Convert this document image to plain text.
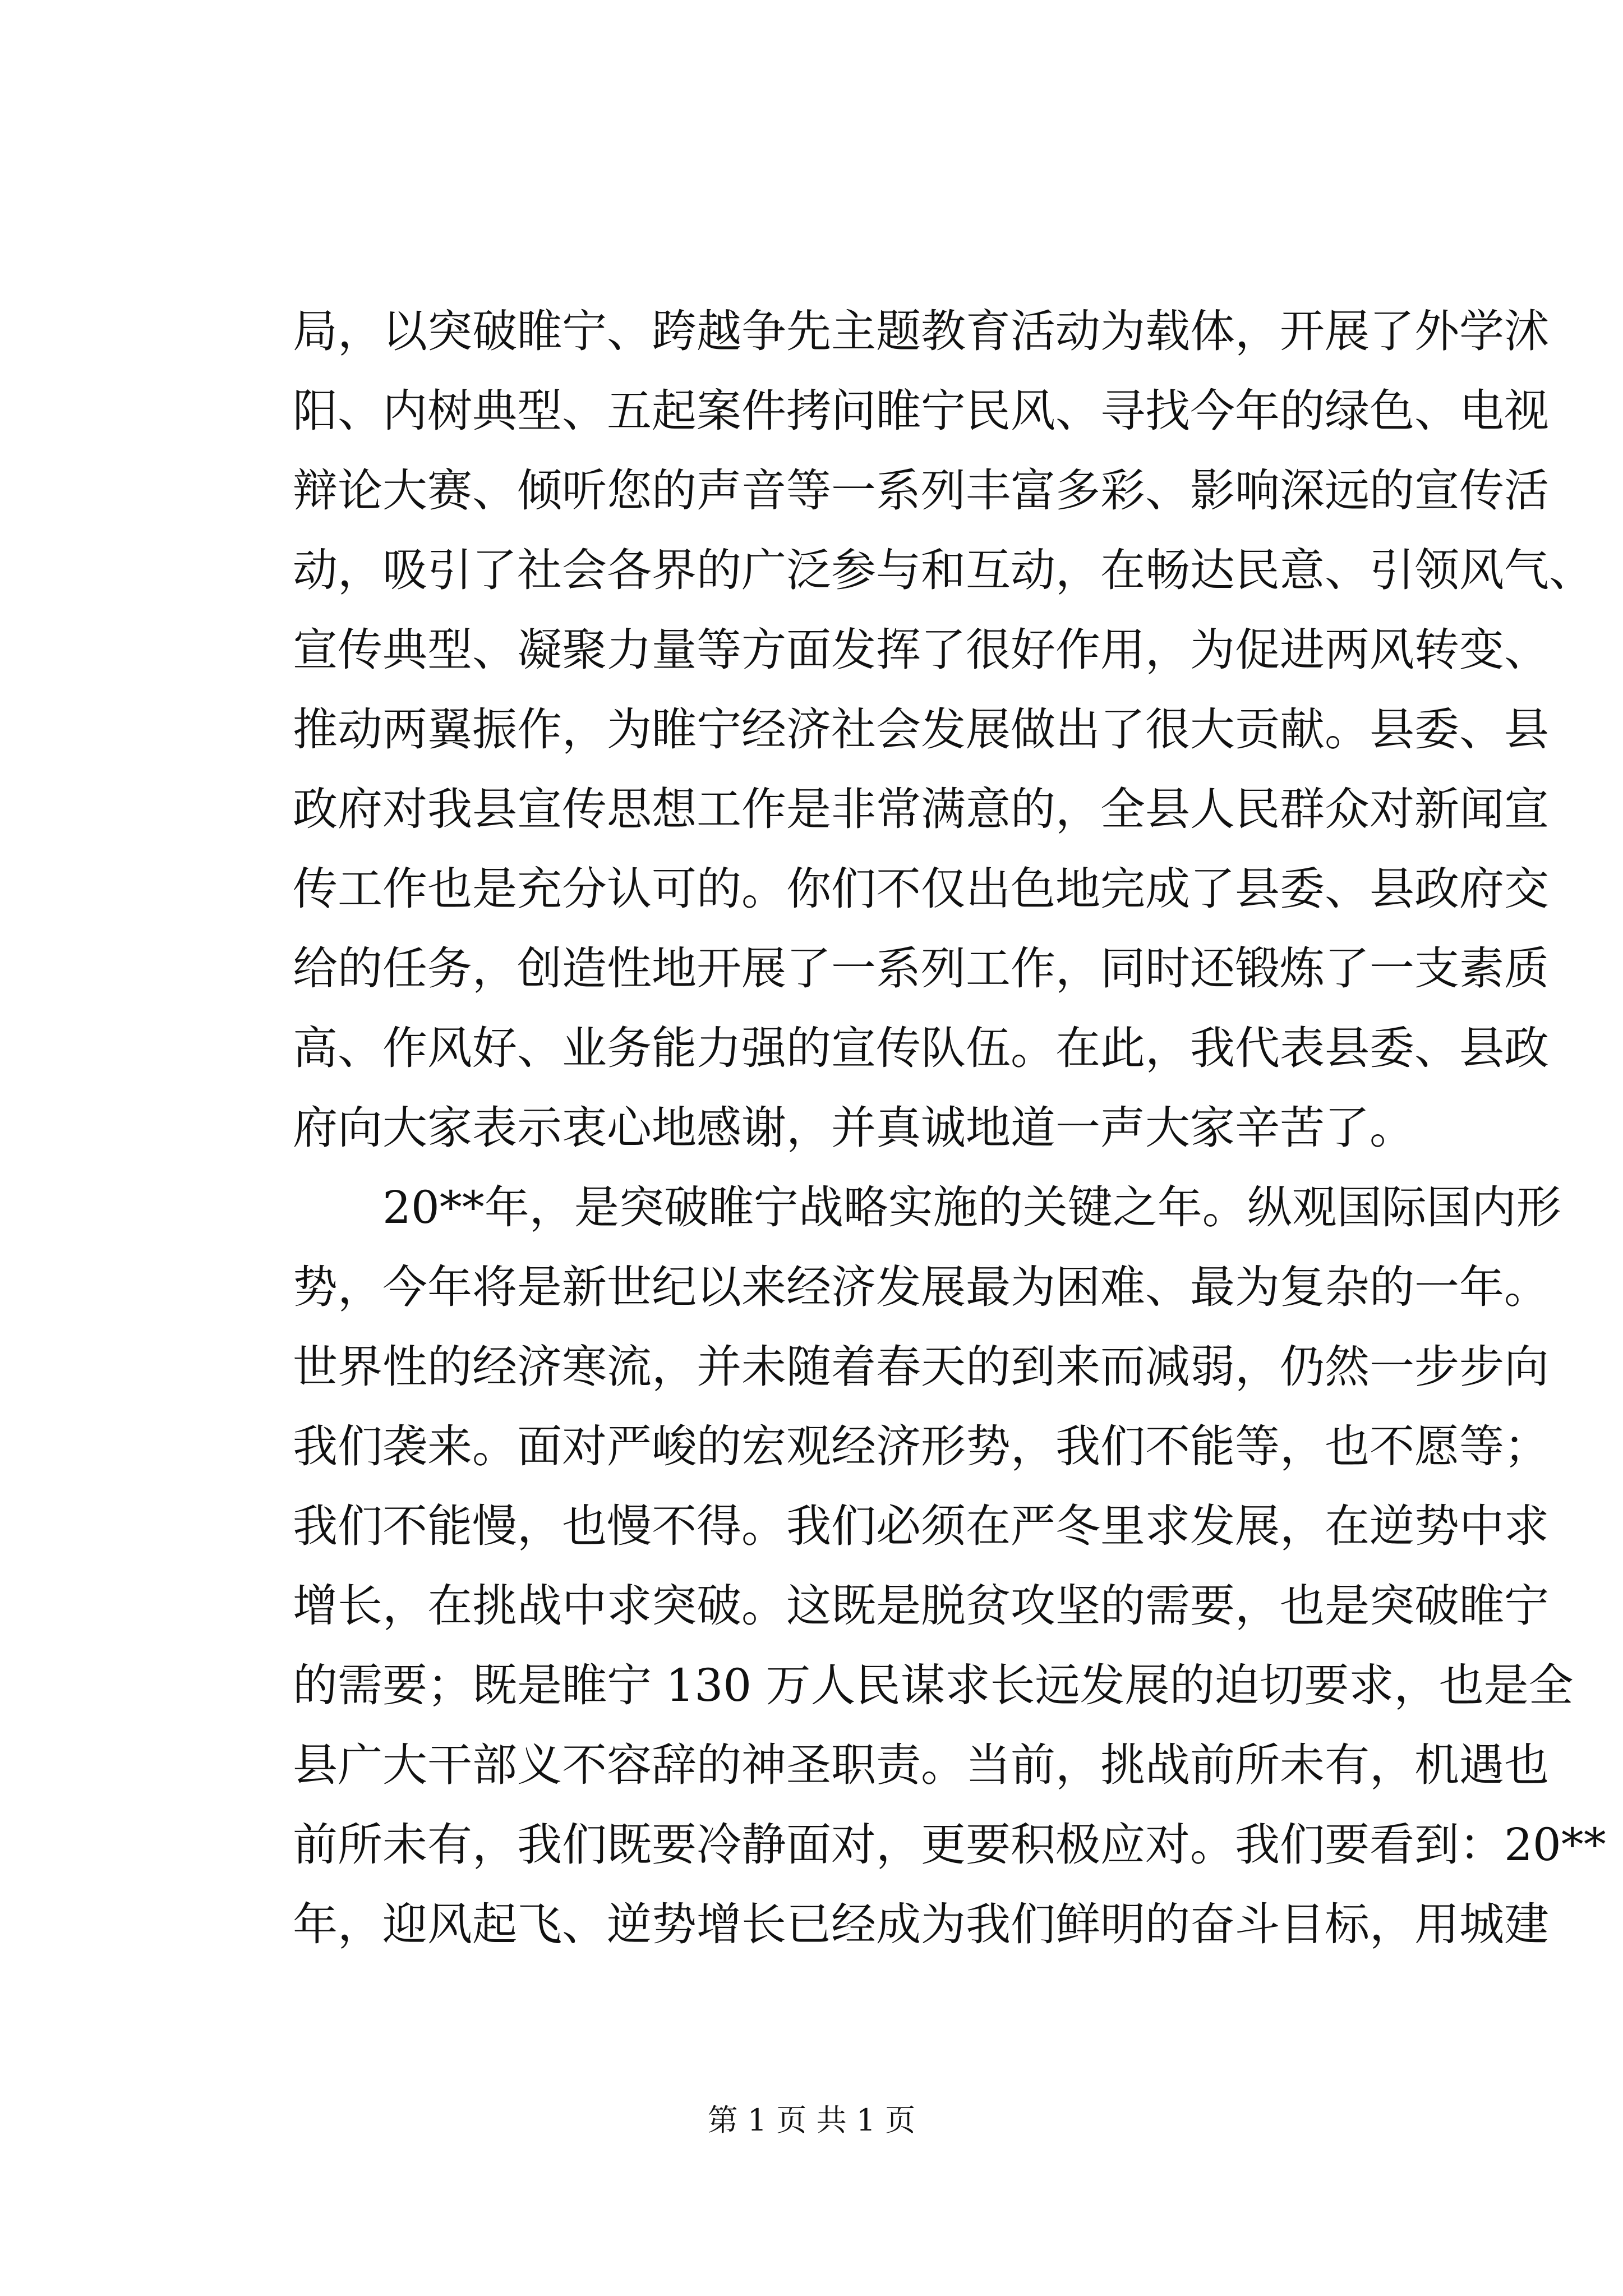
局，以突破睢宁、跨越争先主题教育活动为载体，开展了外学沭
阳、内树典型、五起案件拷问睢宁民风、寻找今年的绿色、电视
辩论大赛、倾听您的声音等一系列丰富多彩、影响深远的宣传活
动，吸引了社会各界的广泛参与和互动，在畅达民意、引领风气、
宣传典型、凝聚力量等方面发挥了很好作用，为促进两风转变、
推动两翼振作，为睢宁经济社会发展做出了很大贡献。县委、县
政府对我县宣传思想工作是非常满意的，全县人民群众对新闻宣
传工作也是充分认可的。你们不仅出色地完成了县委、县政府交
给的任务，创造性地开展了一系列工作，同时还锻炼了一支素质
高、作风好、业务能力强的宣传队伍。在此，我代表县委、县政
府向大家表示衷心地感谢，并真诚地道一声大家辛苦了。
20**年，是突破睢宁战略实施的关键之年。纵观国际国内形
势，今年将是新世纪以来经济发展最为困难、最为复杂的一年。
世界性的经济寒流，并未随着春天的到来而减弱，仍然一步步向
我们袭来。面对严峻的宏观经济形势，我们不能等，也不愿等；
我们不能慢，也慢不得。我们必须在严冬里求发展，在逆势中求
增长，在挑战中求突破。这既是脱贫攻坚的需要，也是突破睢宁
的需要；既是睢宁 130 万人民谋求长远发展的迫切要求，也是全
县广大干部义不容辞的神圣职责。当前，挑战前所未有，机遇也
前所未有，我们既要冷静面对，更要积极应对。我们要看到：20**
年，迎风起飞、逆势增长已经成为我们鲜明的奋斗目标，用城建
第 1 页 共 1 页
